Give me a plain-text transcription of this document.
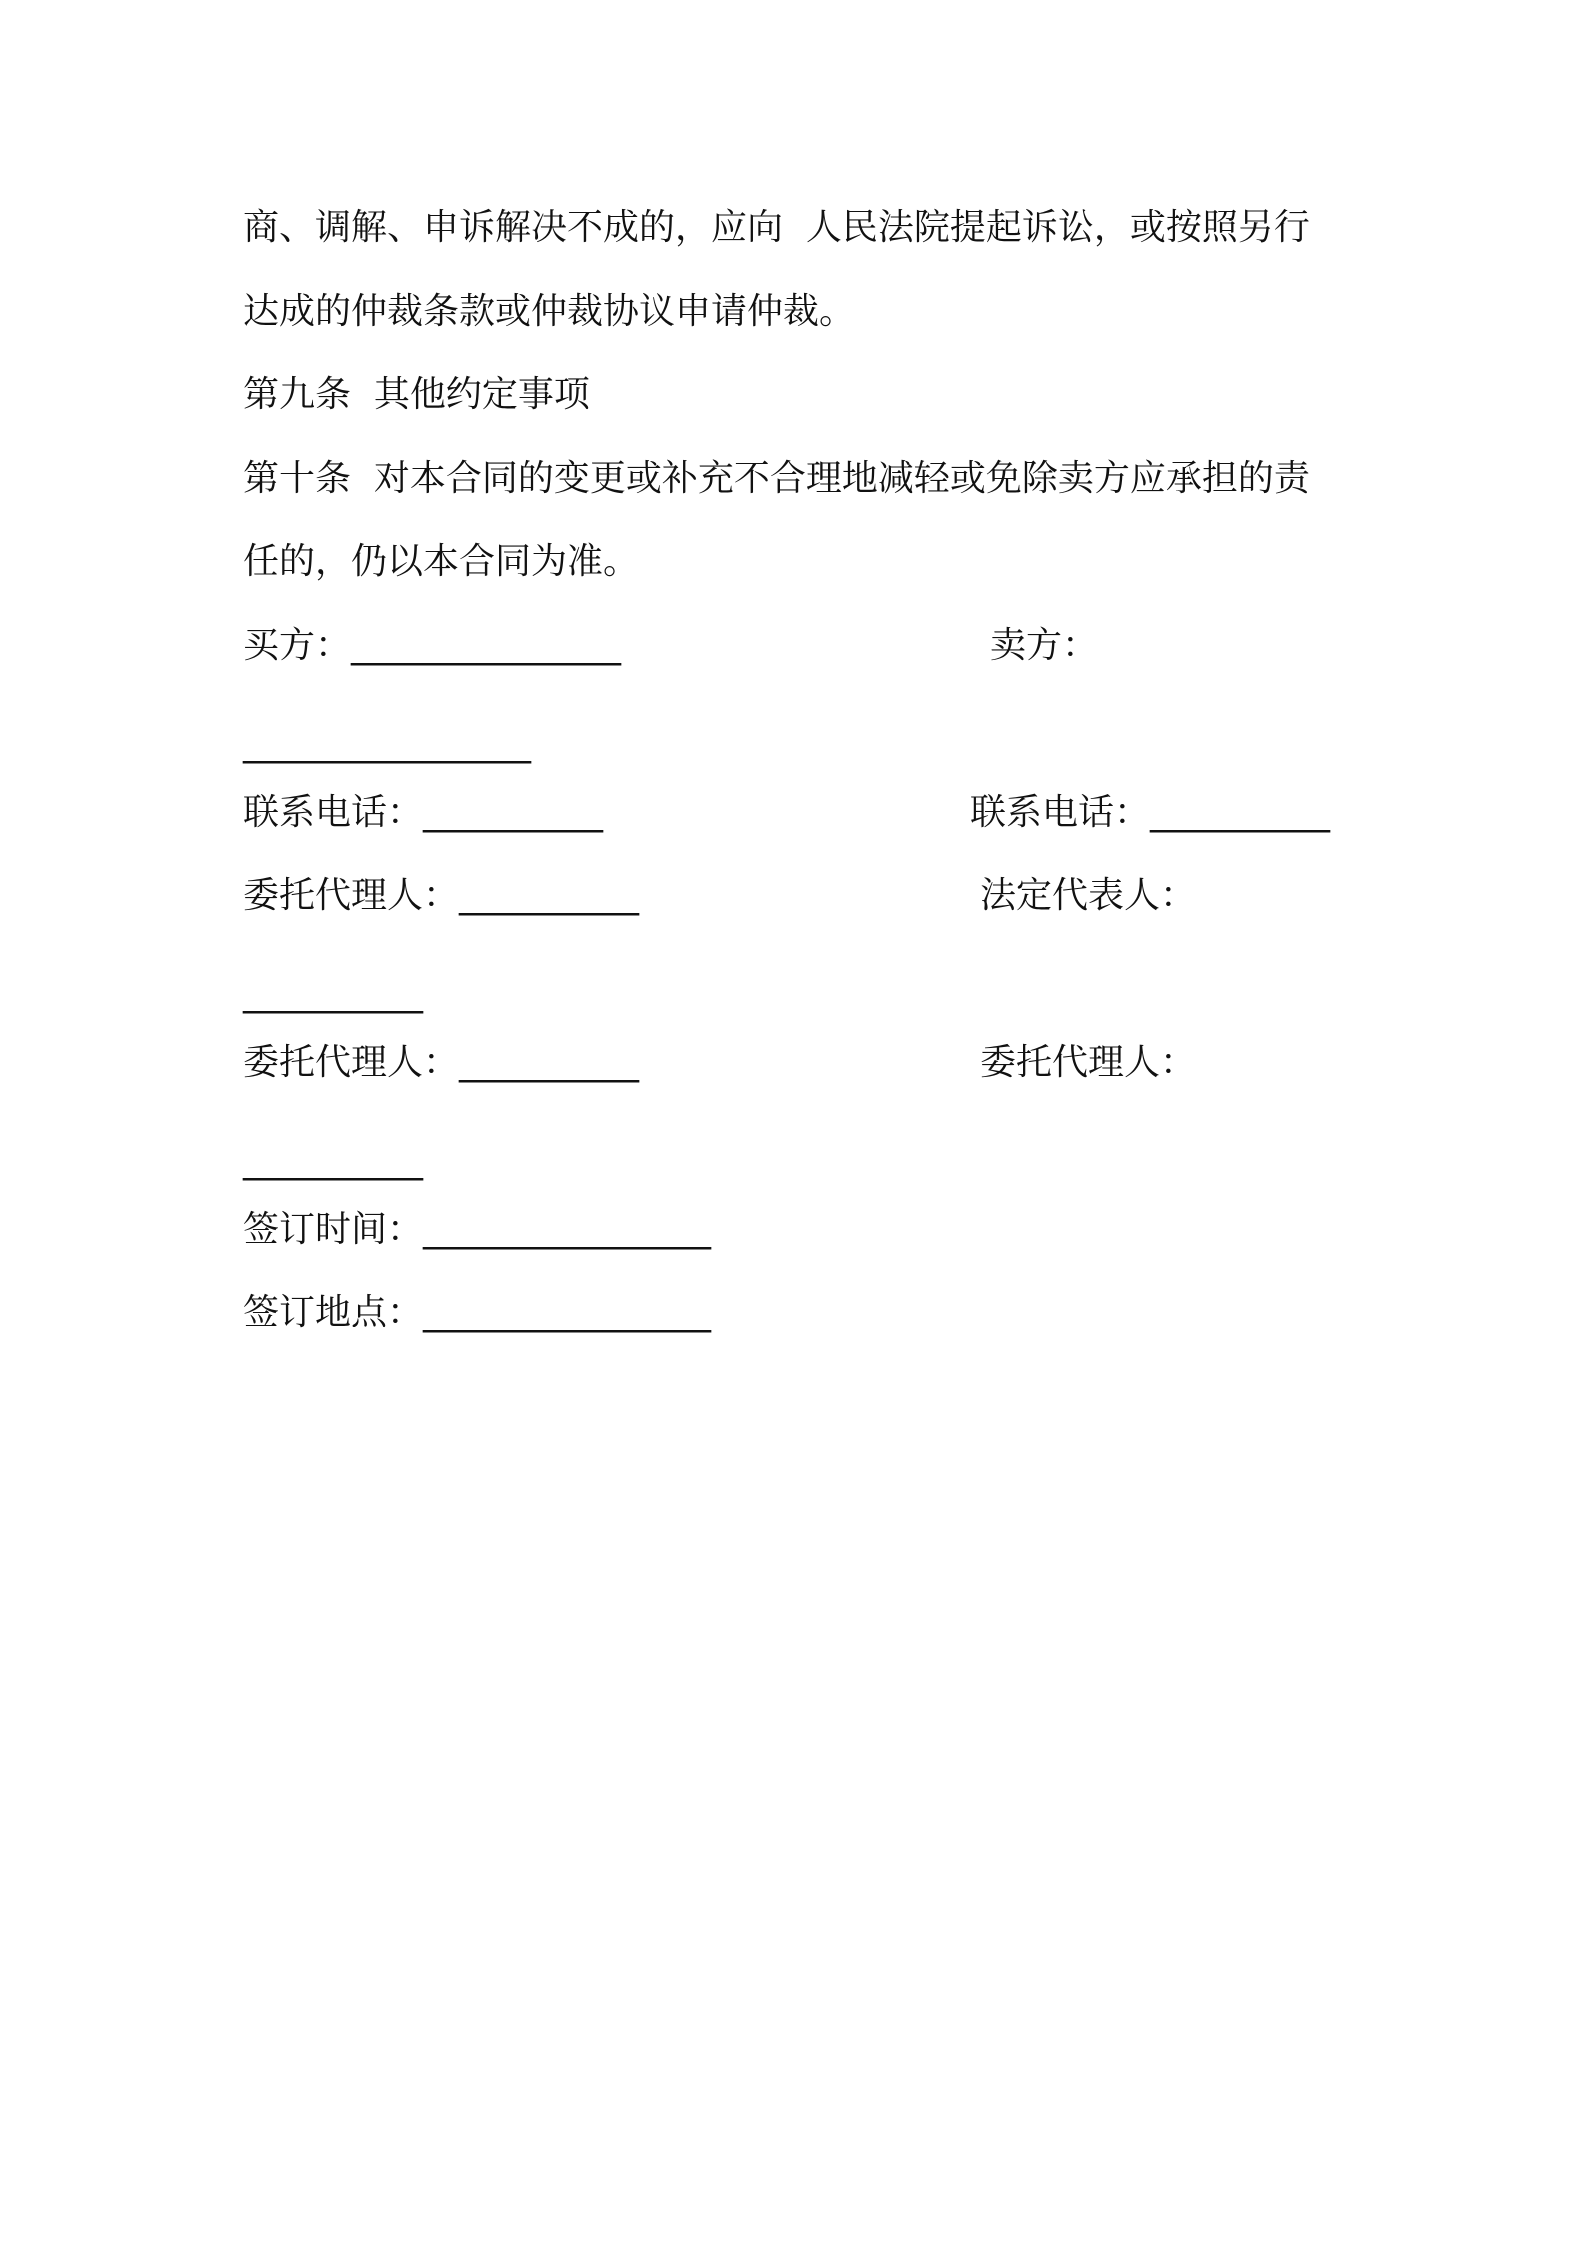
商、调解、申诉解决不成的，应向  人民法院提起诉讼，或按照另行
达成的仲裁条款或仲裁协议申请仲裁。
第九条  其他约定事项
第十条  对本合同的变更或补充不合理地减轻或免除卖方应承担的责
任的，仍以本合同为准。
买方：_______________	卖方：
________________
联系电话：__________	联系电话：__________
委托代理人：__________	法定代表人：
__________
委托代理人：__________	委托代理人：
__________
签订时间：________________
签订地点：________________
